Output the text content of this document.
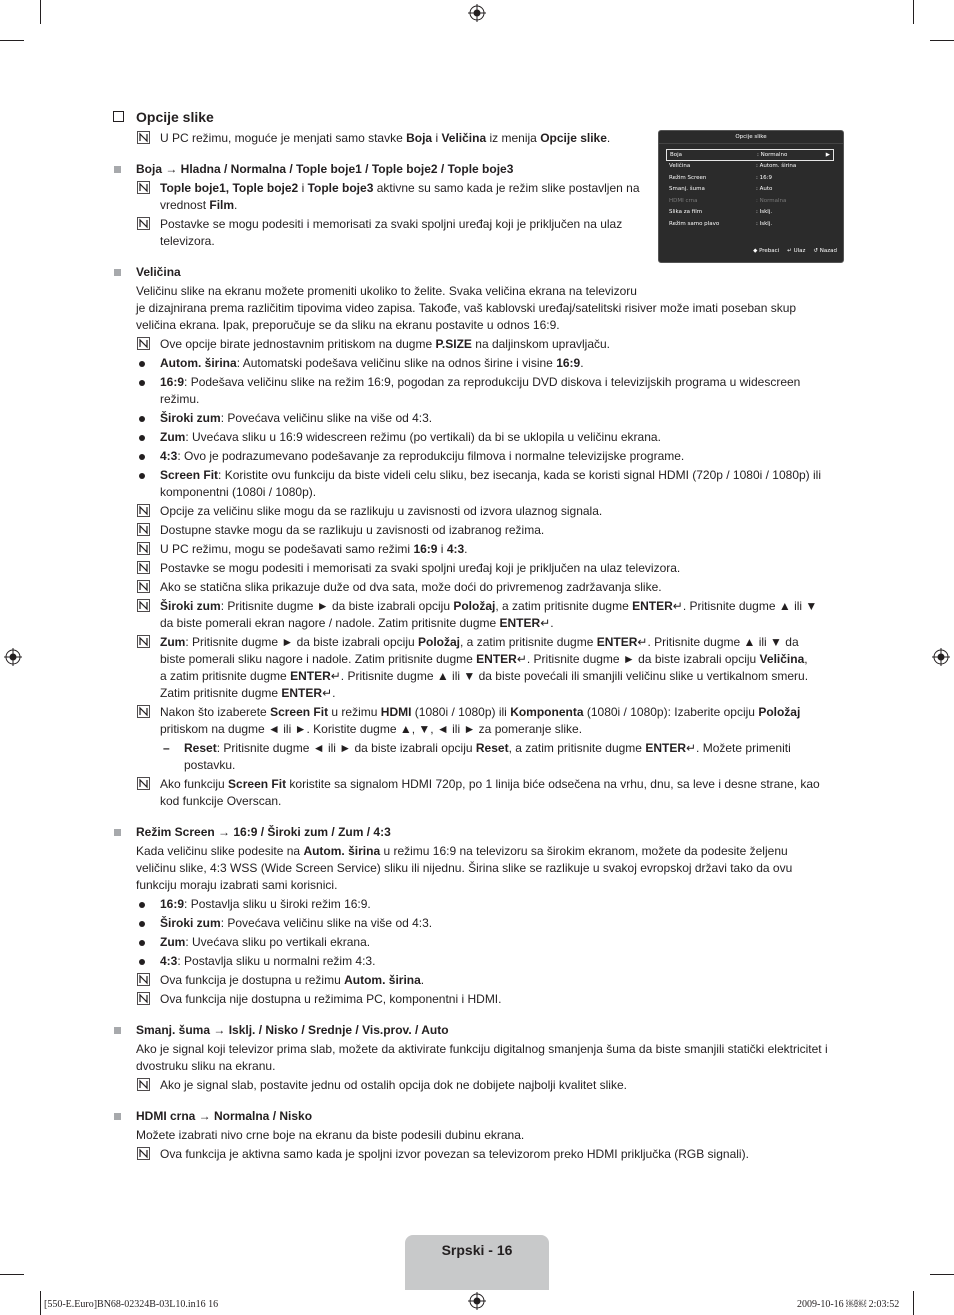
Opcije slike
U PC režimu, moguće je menjati samo stavke Boja i Veličina iz menija Opcije slike.
Boja → Hladna / Normalna / Tople boje1 / Tople boje2 / Tople boje3
Tople boje1, Tople boje2 i Tople boje3 aktivne su samo kada je režim slike postavljen na
vrednost Film.
Postavke se mogu podesiti i memorisati za svaki spoljni uređaj koji je priključen na ulaz
televizora.
Veličina
Veličinu slike na ekranu možete promeniti ukoliko to želite. Svaka veličina ekrana na televizoru
je dizajnirana prema različitim tipovima video zapisa. Takođe, vaš kablovski uređaj/satelitski risiver može imati poseban skup
veličina ekrana. Ipak, preporučuje se da sliku na ekranu postavite u odnos 16:9.
Ove opcije birate jednostavnim pritiskom na dugme P.SIZE na daljinskom upravljaču.
Autom. širina: Automatski podešava veličinu slike na odnos širine i visine 16:9.
16:9: Podešava veličinu slike na režim 16:9, pogodan za reprodukciju DVD diskova i televizijskih programa u widescreen
režimu.
Široki zum: Povećava veličinu slike na više od 4:3.
Zum: Uvećava sliku u 16:9 widescreen režimu (po vertikali) da bi se uklopila u veličinu ekrana.
4:3: Ovo je podrazumevano podešavanje za reprodukciju filmova i normalne televizijske programe.
Screen Fit: Koristite ovu funkciju da biste videli celu sliku, bez isecanja, kada se koristi signal HDMI (720p / 1080i / 1080p) ili
komponentni (1080i / 1080p).
Opcije za veličinu slike mogu da se razlikuju u zavisnosti od izvora ulaznog signala.
Dostupne stavke mogu da se razlikuju u zavisnosti od izabranog režima.
U PC režimu, mogu se podešavati samo režimi 16:9 i 4:3.
Postavke se mogu podesiti i memorisati za svaki spoljni uređaj koji je priključen na ulaz televizora.
Ako se statična slika prikazuje duže od dva sata, može doći do privremenog zadržavanja slike.
Široki zum: Pritisnite dugme ► da biste izabrali opciju Položaj, a zatim pritisnite dugme ENTER↵. Pritisnite dugme ▲ ili ▼
da biste pomerali ekran nagore / nadole. Zatim pritisnite dugme ENTER↵.
Zum: Pritisnite dugme ► da biste izabrali opciju Položaj, a zatim pritisnite dugme ENTER↵. Pritisnite dugme ▲ ili ▼ da
biste pomerali sliku nagore i nadole. Zatim pritisnite dugme ENTER↵. Pritisnite dugme ► da biste izabrali opciju Veličina,
a zatim pritisnite dugme ENTER↵. Pritisnite dugme ▲ ili ▼ da biste povećali ili smanjili veličinu slike u vertikalnom smeru.
Zatim pritisnite dugme ENTER↵.
Nakon što izaberete Screen Fit u režimu HDMI (1080i / 1080p) ili Komponenta (1080i / 1080p): Izaberite opciju Položaj
pritiskom na dugme ◄ ili ►. Koristite dugme ▲, ▼, ◄ ili ► za pomeranje slike.
– Reset: Pritisnite dugme ◄ ili ► da biste izabrali opciju Reset, a zatim pritisnite dugme ENTER↵. Možete primeniti
postavku.
Ako funkciju Screen Fit koristite sa signalom HDMI 720p, po 1 linija biće odsečena na vrhu, dnu, sa leve i desne strane, kao
kod funkcije Overscan.
Režim Screen → 16:9 / Široki zum / Zum / 4:3
Kada veličinu slike podesite na Autom. širina u režimu 16:9 na televizoru sa širokim ekranom, možete da podesite željenu
veličinu slike, 4:3 WSS (Wide Screen Service) sliku ili nijednu. Širina slike se razlikuje u svakoj evropskoj državi tako da ovu
funkciju moraju izabrati sami korisnici.
16:9: Postavlja sliku u široki režim 16:9.
Široki zum: Povećava veličinu slike na više od 4:3.
Zum: Uvećava sliku po vertikali ekrana.
4:3: Postavlja sliku u normalni režim 4:3.
Ova funkcija je dostupna u režimu Autom. širina.
Ova funkcija nije dostupna u režimima PC, komponentni i HDMI.
Smanj. šuma → Isklj. / Nisko / Srednje / Vis.prov. / Auto
Ako je signal koji televizor prima slab, možete da aktivirate funkciju digitalnog smanjenja šuma da biste smanjili statički elektricitet i
dvostruku sliku na ekranu.
Ako je signal slab, postavite jednu od ostalih opcija dok ne dobijete najbolji kvalitet slike.
HDMI crna → Normalna / Nisko
Možete izabrati nivo crne boje na ekranu da biste podesili dubinu ekrana.
Ova funkcija je aktivna samo kada je spoljni izvor povezan sa televizorom preko HDMI priključka (RGB signali).
Opcije slike
Boja	: Normalno	▶
Veličina	: Autom. širina
Režim Screen	: 16:9
Smanj. šuma	: Auto
HDMI crna	: Normalna
Slika za film	: Isklj.
Režim samo plavo	: Isklj.
◆ Prebaci ↵ Ulaz ↺ Nazad
Srpski - 16
[550-E.Euro]BN68-02324B-03L10.in16 16	2009-10-16 ￼￼ 2:03:52
